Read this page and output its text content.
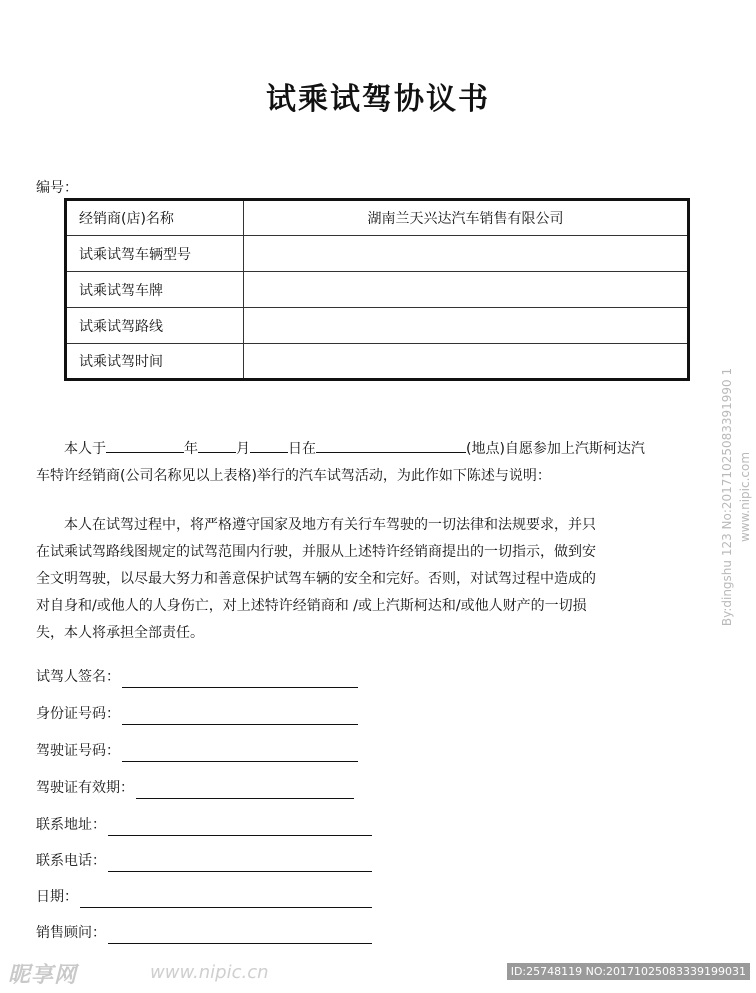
试乘试驾协议书
编号：
经销商(店)名称	湖南兰天兴达汽车销售有限公司
试乘试驾车辆型号	
试乘试驾车牌	
试乘试驾路线	
试乘试驾时间	
本人于	年	月	日在	(地点)自愿参加上汽斯柯达汽
车特许经销商(公司名称见以上表格)举行的汽车试驾活动，为此作如下陈述与说明：
本人在试驾过程中，将严格遵守国家及地方有关行车驾驶的一切法律和法规要求，并只
在试乘试驾路线图规定的试驾范围内行驶，并服从上述特许经销商提出的一切指示，做到安
全文明驾驶，以尽最大努力和善意保护试驾车辆的安全和完好。否则，对试驾过程中造成的
对自身和/或他人的人身伤亡，对上述特许经销商和 /或上汽斯柯达和/或他人财产的一切损
失，本人将承担全部责任。
试驾人签名：
身份证号码：
驾驶证号码：
驾驶证有效期：
联系地址：
联系电话：
日期：
销售顾问：
By:dingshu 123 No:20171025083391990 1 www.nipic.com
昵享网	www.nipic.cn	ID:25748119 NO:20171025083339199031
